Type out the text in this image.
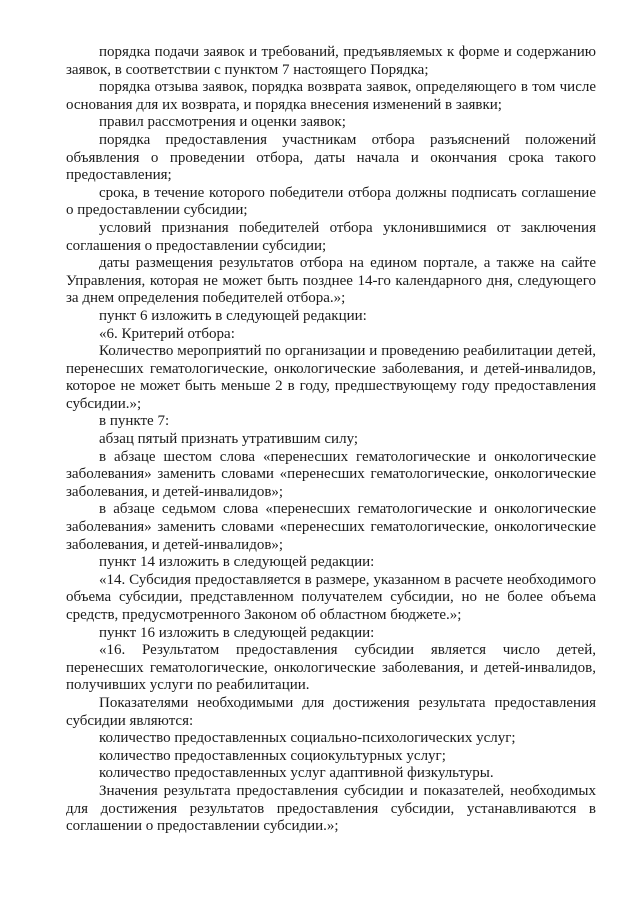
порядка подачи заявок и требований, предъявляемых к форме и содержанию заявок, в соответствии с пунктом 7 настоящего Порядка;

порядка отзыва заявок, порядка возврата заявок, определяющего в том числе основания для их возврата, и порядка внесения изменений в заявки;

правил рассмотрения и оценки заявок;

порядка предоставления участникам отбора разъяснений положений объявления о проведении отбора, даты начала и окончания срока такого предоставления;

срока, в течение которого победители отбора должны подписать соглашение о предоставлении субсидии;

условий признания победителей отбора уклонившимися от заключения соглашения о предоставлении субсидии;

даты размещения результатов отбора на едином портале, а также на сайте Управления, которая не может быть позднее 14-го календарного дня, следующего за днем определения победителей отбора.»;

пункт 6 изложить в следующей редакции:

«6. Критерий отбора:

Количество мероприятий по организации и проведению реабилитации детей, перенесших гематологические, онкологические заболевания, и детей-инвалидов, которое не может быть меньше 2 в году, предшествующему году предоставления субсидии.»;

в пункте 7:

абзац пятый признать утратившим силу;

в абзаце шестом слова «перенесших гематологические и онкологические заболевания» заменить словами «перенесших гематологические, онкологические заболевания, и детей-инвалидов»;

в абзаце седьмом слова «перенесших гематологические и онкологические заболевания» заменить словами «перенесших гематологические, онкологические заболевания, и детей-инвалидов»;

пункт 14 изложить в следующей редакции:

«14. Субсидия предоставляется в размере, указанном в расчете необходимого объема субсидии, представленном получателем субсидии, но не более объема средств, предусмотренного Законом об областном бюджете.»;

пункт 16 изложить в следующей редакции:

«16. Результатом предоставления субсидии является число детей, перенесших гематологические, онкологические заболевания, и детей-инвалидов, получивших услуги по реабилитации.

Показателями необходимыми для достижения результата предоставления субсидии являются:

количество предоставленных социально-психологических услуг;

количество предоставленных социокультурных услуг;

количество предоставленных услуг адаптивной физкультуры.

Значения результата предоставления субсидии и показателей, необходимых для достижения результатов предоставления субсидии, устанавливаются в соглашении о предоставлении субсидии.»;
